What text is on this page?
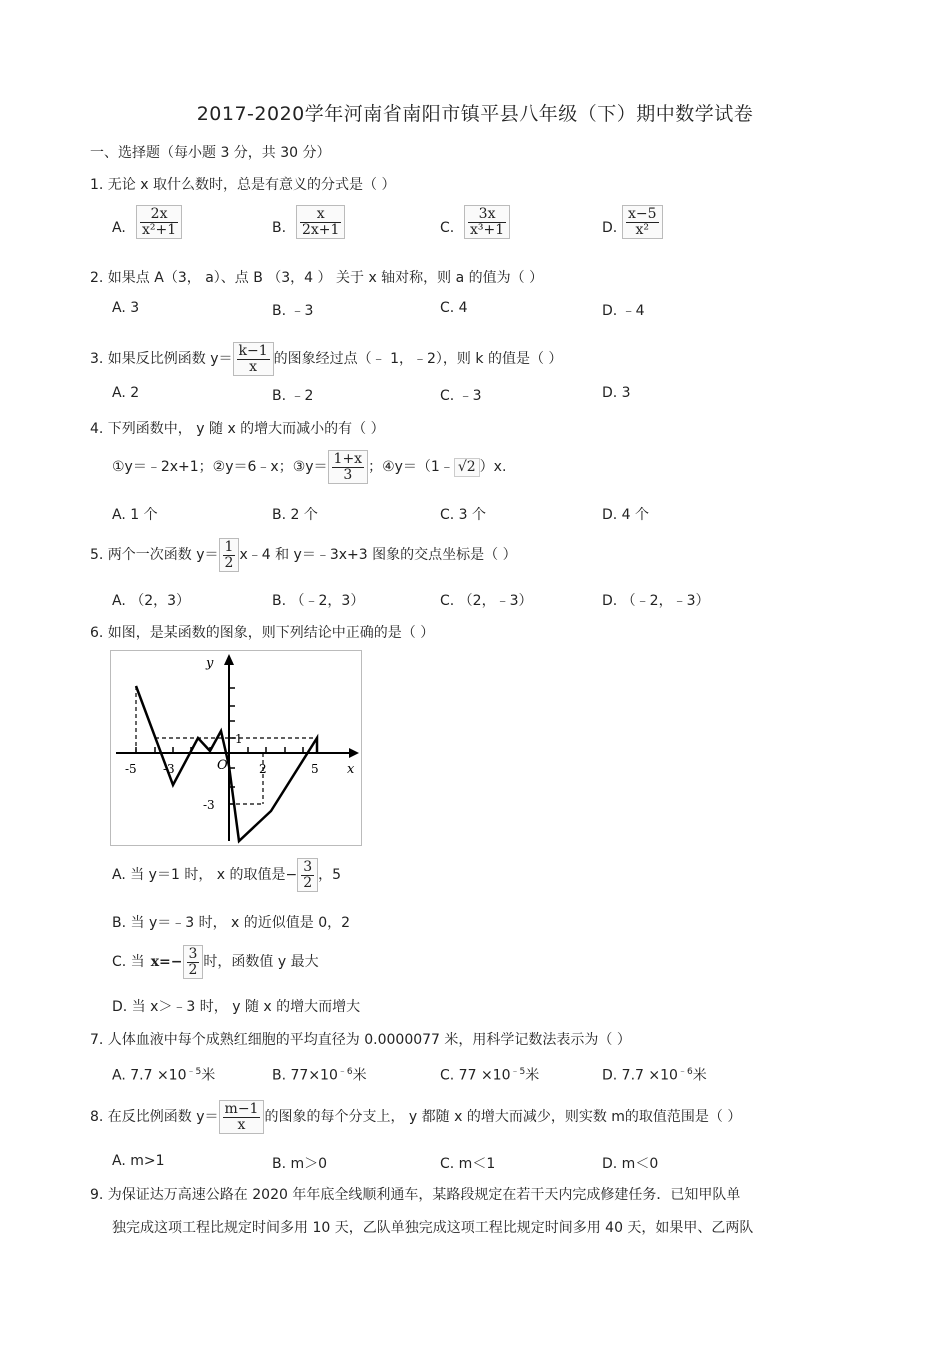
2017-2020学年河南省南阳市镇平县八年级（下）期中数学试卷
一、选择题（每小题 3 分，共 30 分）
1. 无论 x 取什么数时，总是有意义的分式是（ ）
A. $\frac{2x}{\text{x²+1}}$	B. $\frac{x}{2x+1}$	C. $\frac{3x}{\text{x³+1}}$	D. $\frac{x-5}{\text{x²}}$
2. 如果点 A（3， a）、点 B （3，4 ） 关于 x 轴对称，则 a 的值为（ ）
A. 3	B. ﹣3	C. 4	D. ﹣4
3. 如果反比例函数 $y= \frac{k-1}{x}$ 的图象经过点（﹣ 1，﹣2），则 k 的值是（ ）
A. 2	B. ﹣2	C. ﹣3	D. 3
4. 下列函数中， y 随 x 的增大而减小的有（ ）
①y＝﹣2x+1；②y＝6﹣x；③y＝ $\frac{1+x}{3}$ ；④y＝（1﹣ √2 ）x.
A. 1 个	B. 2 个	C. 3 个	D. 4 个
5. 两个一次函数 $y= \frac{1}{2}$ x﹣4 和 y＝﹣3x+3 图象的交点坐标是（ ）
A. （2，3）	B. （﹣2，3）	C. （2，﹣3）	D. （﹣2，﹣3）
6. 如图，是某函数的图象，则下列结论中正确的是（ ）
y
x
O
-5 -3	2	5
1
-3
A. 当 y＝1 时， x 的取值是− $\frac{3}{2}$ ，5
B. 当 y＝﹣3 时， x 的近似值是 0，2
C. 当 $x=- \frac{3}{2}$ 时，函数值 y 最大
D. 当 x＞﹣3 时， y 随 x 的增大而增大
7. 人体血液中每个成熟红细胞的平均直径为 0.0000077 米，用科学记数法表示为（ ）
A. $7.7 \times 10^{﹣5}$米	B. $77\times 10^{﹣6}$米	C. $77 \times 10^{﹣5}$米	D. $7.7 \times 10^{﹣6}$米
8. 在反比例函数 $y= \frac{m-1}{x}$ 的图象的每个分支上， y 都随 x 的增大而减少，则实数 m的取值范围是（ ）
A. m>1	B. m＞0	C. m＜1	D. m＜0
9. 为保证达万高速公路在 2020 年年底全线顺利通车，某路段规定在若干天内完成修建任务．已知甲队单
独完成这项工程比规定时间多用 10 天，乙队单独完成这项工程比规定时间多用 40 天，如果甲、乙两队
